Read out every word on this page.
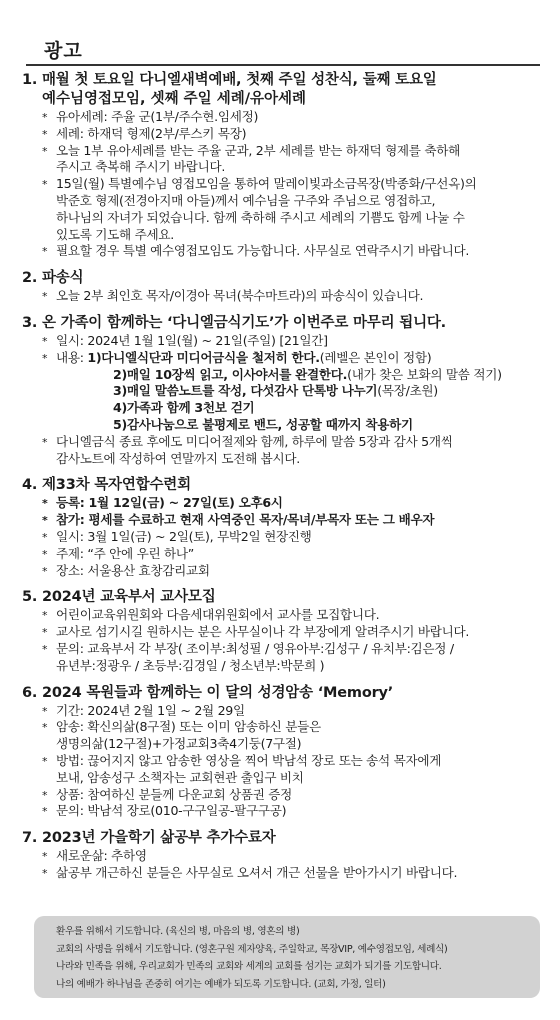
광고
1. 매월 첫 토요일 다니엘새벽예배, 첫째 주일 성찬식, 둘째 토요일
예수님영접모임, 셋째 주일 세례/유아세례
* 유아세례: 주율 군(1부/주수현.임세정)
* 세례: 하재덕 형제(2부/루스키 목장)
* 오늘 1부 유아세례를 받는 주율 군과, 2부 세례를 받는 하재덕 형제를 축하해
주시고 축복해 주시기 바랍니다.
* 15일(월) 특별예수님 영접모임을 통하여 말레이빛과소금목장(박종화/구선옥)의
박준호 형제(전경아지매 아들)께서 예수님을 구주와 주님으로 영접하고,
하나님의 자녀가 되었습니다. 함께 축하해 주시고 세례의 기쁨도 함께 나눌 수
있도록 기도해 주세요.
* 필요할 경우 특별 예수영접모임도 가능합니다. 사무실로 연락주시기 바랍니다.
2. 파송식
* 오늘 2부 최인호 목자/이경아 목녀(북수마트라)의 파송식이 있습니다.
3. 온 가족이 함께하는 ‘다니엘금식기도’가 이번주로 마무리 됩니다.
* 일시: 2024년 1월 1일(월) ~ 21일(주일) [21일간]
* 내용: 1)다니엘식단과 미디어금식을 철저히 한다.(레벨은 본인이 정함)
2)매일 10장씩 읽고, 이사야서를 완결한다.(내가 찾은 보화의 말씀 적기)
3)매일 말씀노트를 작성, 다섯감사 단톡방 나누기(목장/초원)
4)가족과 함께 3천보 걷기
5)감사나눔으로 불평제로 밴드, 성공할 때까지 착용하기
* 다니엘금식 종료 후에도 미디어절제와 함께, 하루에 말씀 5장과 감사 5개씩
감사노트에 작성하여 연말까지 도전해 봅시다.
4. 제33차 목자연합수련회
* 등록: 1월 12일(금) ~ 27일(토) 오후6시
* 참가: 평세를 수료하고 현재 사역중인 목자/목녀/부목자 또는 그 배우자
* 일시: 3월 1일(금) ~ 2일(토), 무박2일 현장진행
* 주제: “주 안에 우린 하나”
* 장소: 서울용산 효창감리교회
5. 2024년 교육부서 교사모집
* 어린이교육위원회와 다음세대위원회에서 교사를 모집합니다.
* 교사로 섬기시길 원하시는 분은 사무실이나 각 부장에게 알려주시기 바랍니다.
* 문의: 교육부서 각 부장( 조이부:최성필 / 영유아부:김성구 / 유치부:김은정 /
유년부:정광우 / 초등부:김경일 / 청소년부:박문희 )
6. 2024 목원들과 함께하는 이 달의 성경암송 ‘Memory’
* 기간: 2024년 2월 1일 ~ 2월 29일
* 암송: 확신의삶(8구절) 또는 이미 암송하신 분들은
생명의삶(12구절)+가정교회3축4기둥(7구절)
* 방법: 끊어지지 않고 암송한 영상을 찍어 박남석 장로 또는 송석 목자에게
보내, 암송성구 소책자는 교회현관 출입구 비치
* 상품: 참여하신 분들께 다운교회 상품권 증정
* 문의: 박남석 장로(010-구구일공-팔구구공)
7. 2023년 가을학기 삶공부 추가수료자
* 새로운삶: 추하영
* 삶공부 개근하신 분들은 사무실로 오셔서 개근 선물을 받아가시기 바랍니다.
환우를 위해서 기도합니다. (육신의 병, 마음의 병, 영혼의 병)
교회의 사명을 위해서 기도합니다. (영혼구원 제자양육, 주일학교, 목장VIP, 예수영접모임, 세례식)
나라와 민족을 위해, 우리교회가 민족의 교회와 세계의 교회를 섬기는 교회가 되기를 기도합니다.
나의 예배가 하나님을 존중히 여기는 예배가 되도록 기도합니다. (교회, 가정, 일터)
